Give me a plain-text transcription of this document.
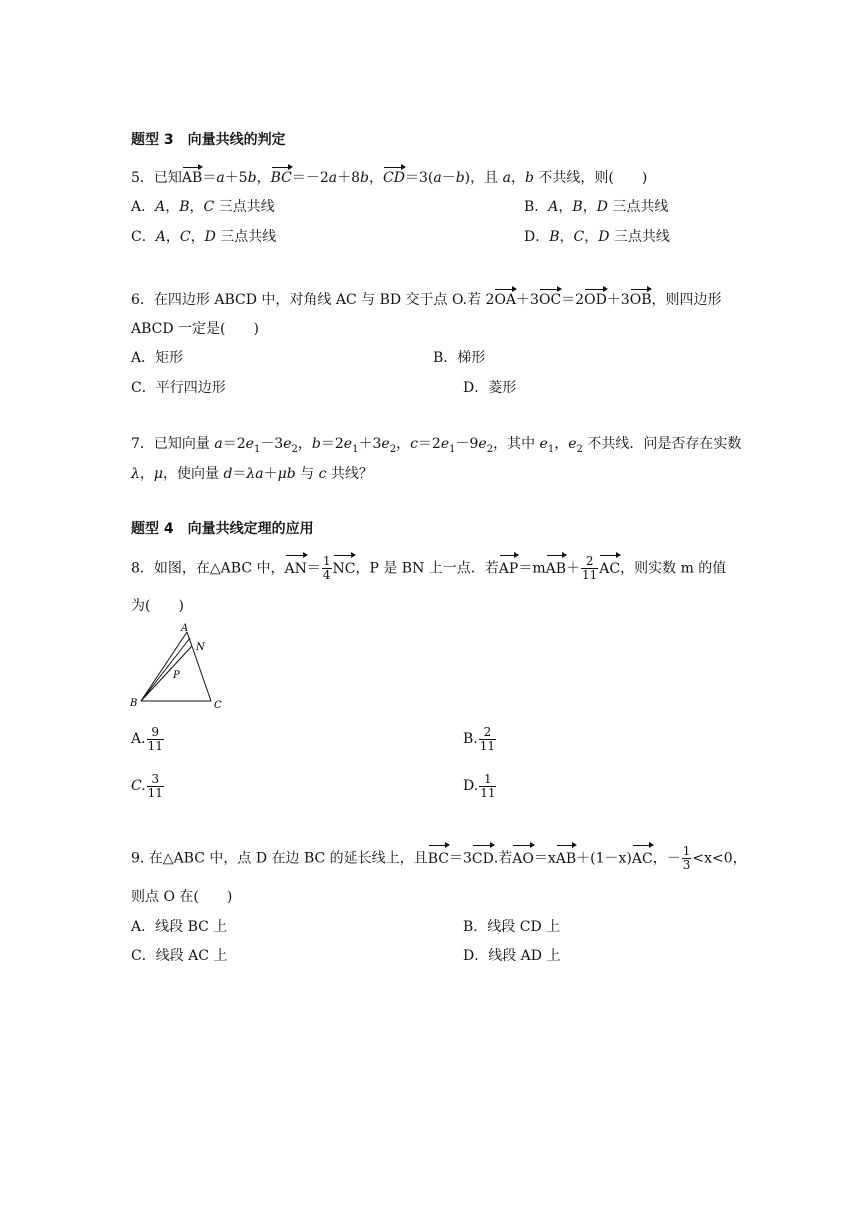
题型 3　向量共线的判定
5．已知AB＝a＋5b，BC＝－2a＋8b，CD＝3(a－b)，且 a，b 不共线，则(　　)
A．A，B，C 三点共线	B．A，B，D 三点共线
C．A，C，D 三点共线	D．B，C，D 三点共线
6．在四边形 ABCD 中，对角线 AC 与 BD 交于点 O.若 2OA＋3OC＝2OD＋3OB，则四边形
ABCD 一定是(　　)
A．矩形	B．梯形
C．平行四边形	D．菱形
7．已知向量 $a=2e_1-3e_2$，$b=2e_1+3e_2$，$c=2e_1-9e_2$，其中 $e_1$，$e_2$ 不共线．问是否存在实数
λ，μ，使向量 d＝λa＋μb 与 c 共线？
题型 4　向量共线定理的应用
8．如图，在△ABC 中，$AN= \frac{1}{4}$ NC，P 是 BN 上一点．若$AP=mAB+ \frac{2}{11}$ AC，则实数 m 的值
为(　　)
A
N
P
B	C
A. $\frac{9}{11}$	B. $\frac{2}{11}$
C. $\frac{3}{11}$	D. $\frac{1}{11}$
9. 在△ABC 中，点 D 在边 BC 的延长线上，且BC＝3CD.若AO＝xAB＋(1－x)AC，－ $\frac{1}{3} <x<0$，
则点 O 在(　　)
A．线段 BC 上	B．线段 CD 上
C．线段 AC 上	D．线段 AD 上
